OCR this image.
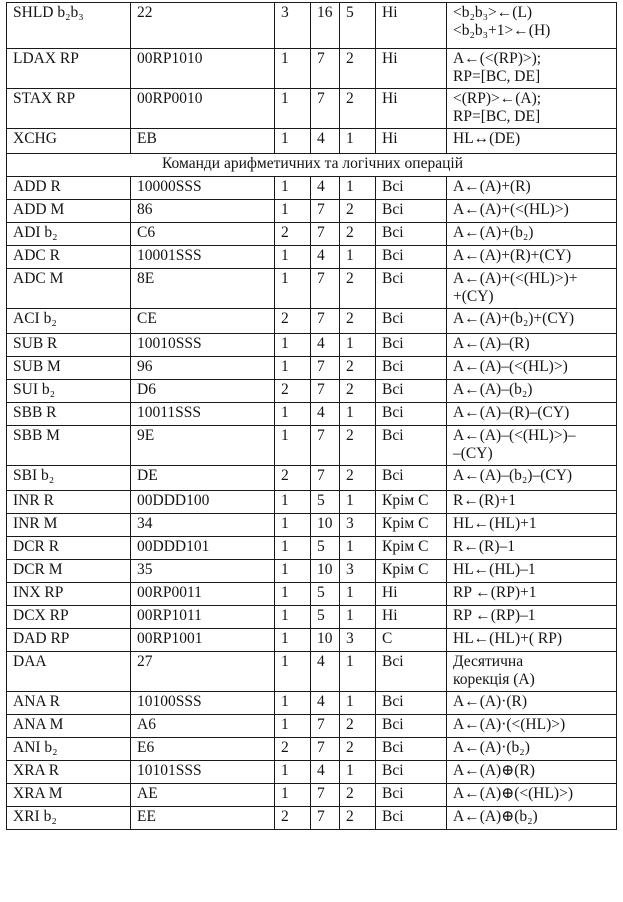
SHLD b₂b₃	22	3	16	5	Hi	<b₂b₃>←(L)
<b₂b₃+1>←(H)

LDAX RP	00RP1010	1	7	2	Hi	A←(<(RP)>);
RP=[BC, DE]

STAX RP	00RP0010	1	7	2	Hi	<(RP)>←(A);
RP=[BC, DE]

XCHG	EB	1	4	1	Hi	HL↔(DE)

Команди арифметичних та логічних операцій						
ADD R	10000SSS	1	4	1	Всі	A←(A)+(R)

ADD M	86	1	7	2	Всі	A←(A)+(<(HL)>)

ADI b₂	C6	2	7	2	Всі	A←(A)+(b₂)

ADC R	10001SSS	1	4	1	Всі	A←(A)+(R)+(CY)

ADC M	8E	1	7	2	Всі	A←(A)+(<(HL)>)+
+(CY)

ACI b₂	CE	2	7	2	Всі	A←(A)+(b₂)+(CY)

SUB R	10010SSS	1	4	1	Всі	A←(A)–(R)

SUB M	96	1	7	2	Всі	A←(A)–(<(HL)>)

SUI b₂	D6	2	7	2	Всі	A←(A)–(b₂)

SBB R	10011SSS	1	4	1	Всі	A←(A)–(R)–(CY)

SBB M	9E	1	7	2	Всі	A←(A)–(<(HL)>)–
–(CY)

SBI b₂	DE	2	7	2	Всі	A←(A)–(b₂)–(CY)

INR R	00DDD100	1	5	1	Крім С	R←(R)+1

INR M	34	1	10	3	Крім С	HL←(HL)+1

DCR R	00DDD101	1	5	1	Крім С	R←(R)–1

DCR M	35	1	10	3	Крім С	HL←(HL)–1

INX RP	00RP0011	1	5	1	Hi	RP ←(RP)+1

DCX RP	00RP1011	1	5	1	Hi	RP ←(RP)–1

DAD RP	00RP1001	1	10	3	C	HL←(HL)+( RP)

DAA	27	1	4	1	Всі	Десятична
корекція (A)

ANA R	10100SSS	1	4	1	Всі	A←(A)·(R)

ANA M	A6	1	7	2	Всі	A←(A)·(<(HL)>)

ANI b₂	E6	2	7	2	Всі	A←(A)·(b₂)

XRA R	10101SSS	1	4	1	Всі	A←(A)⊕(R)

XRA M	AE	1	7	2	Всі	A←(A)⊕(<(HL)>)

XRI b₂	EE	2	7	2	Всі	A←(A)⊕(b₂)
